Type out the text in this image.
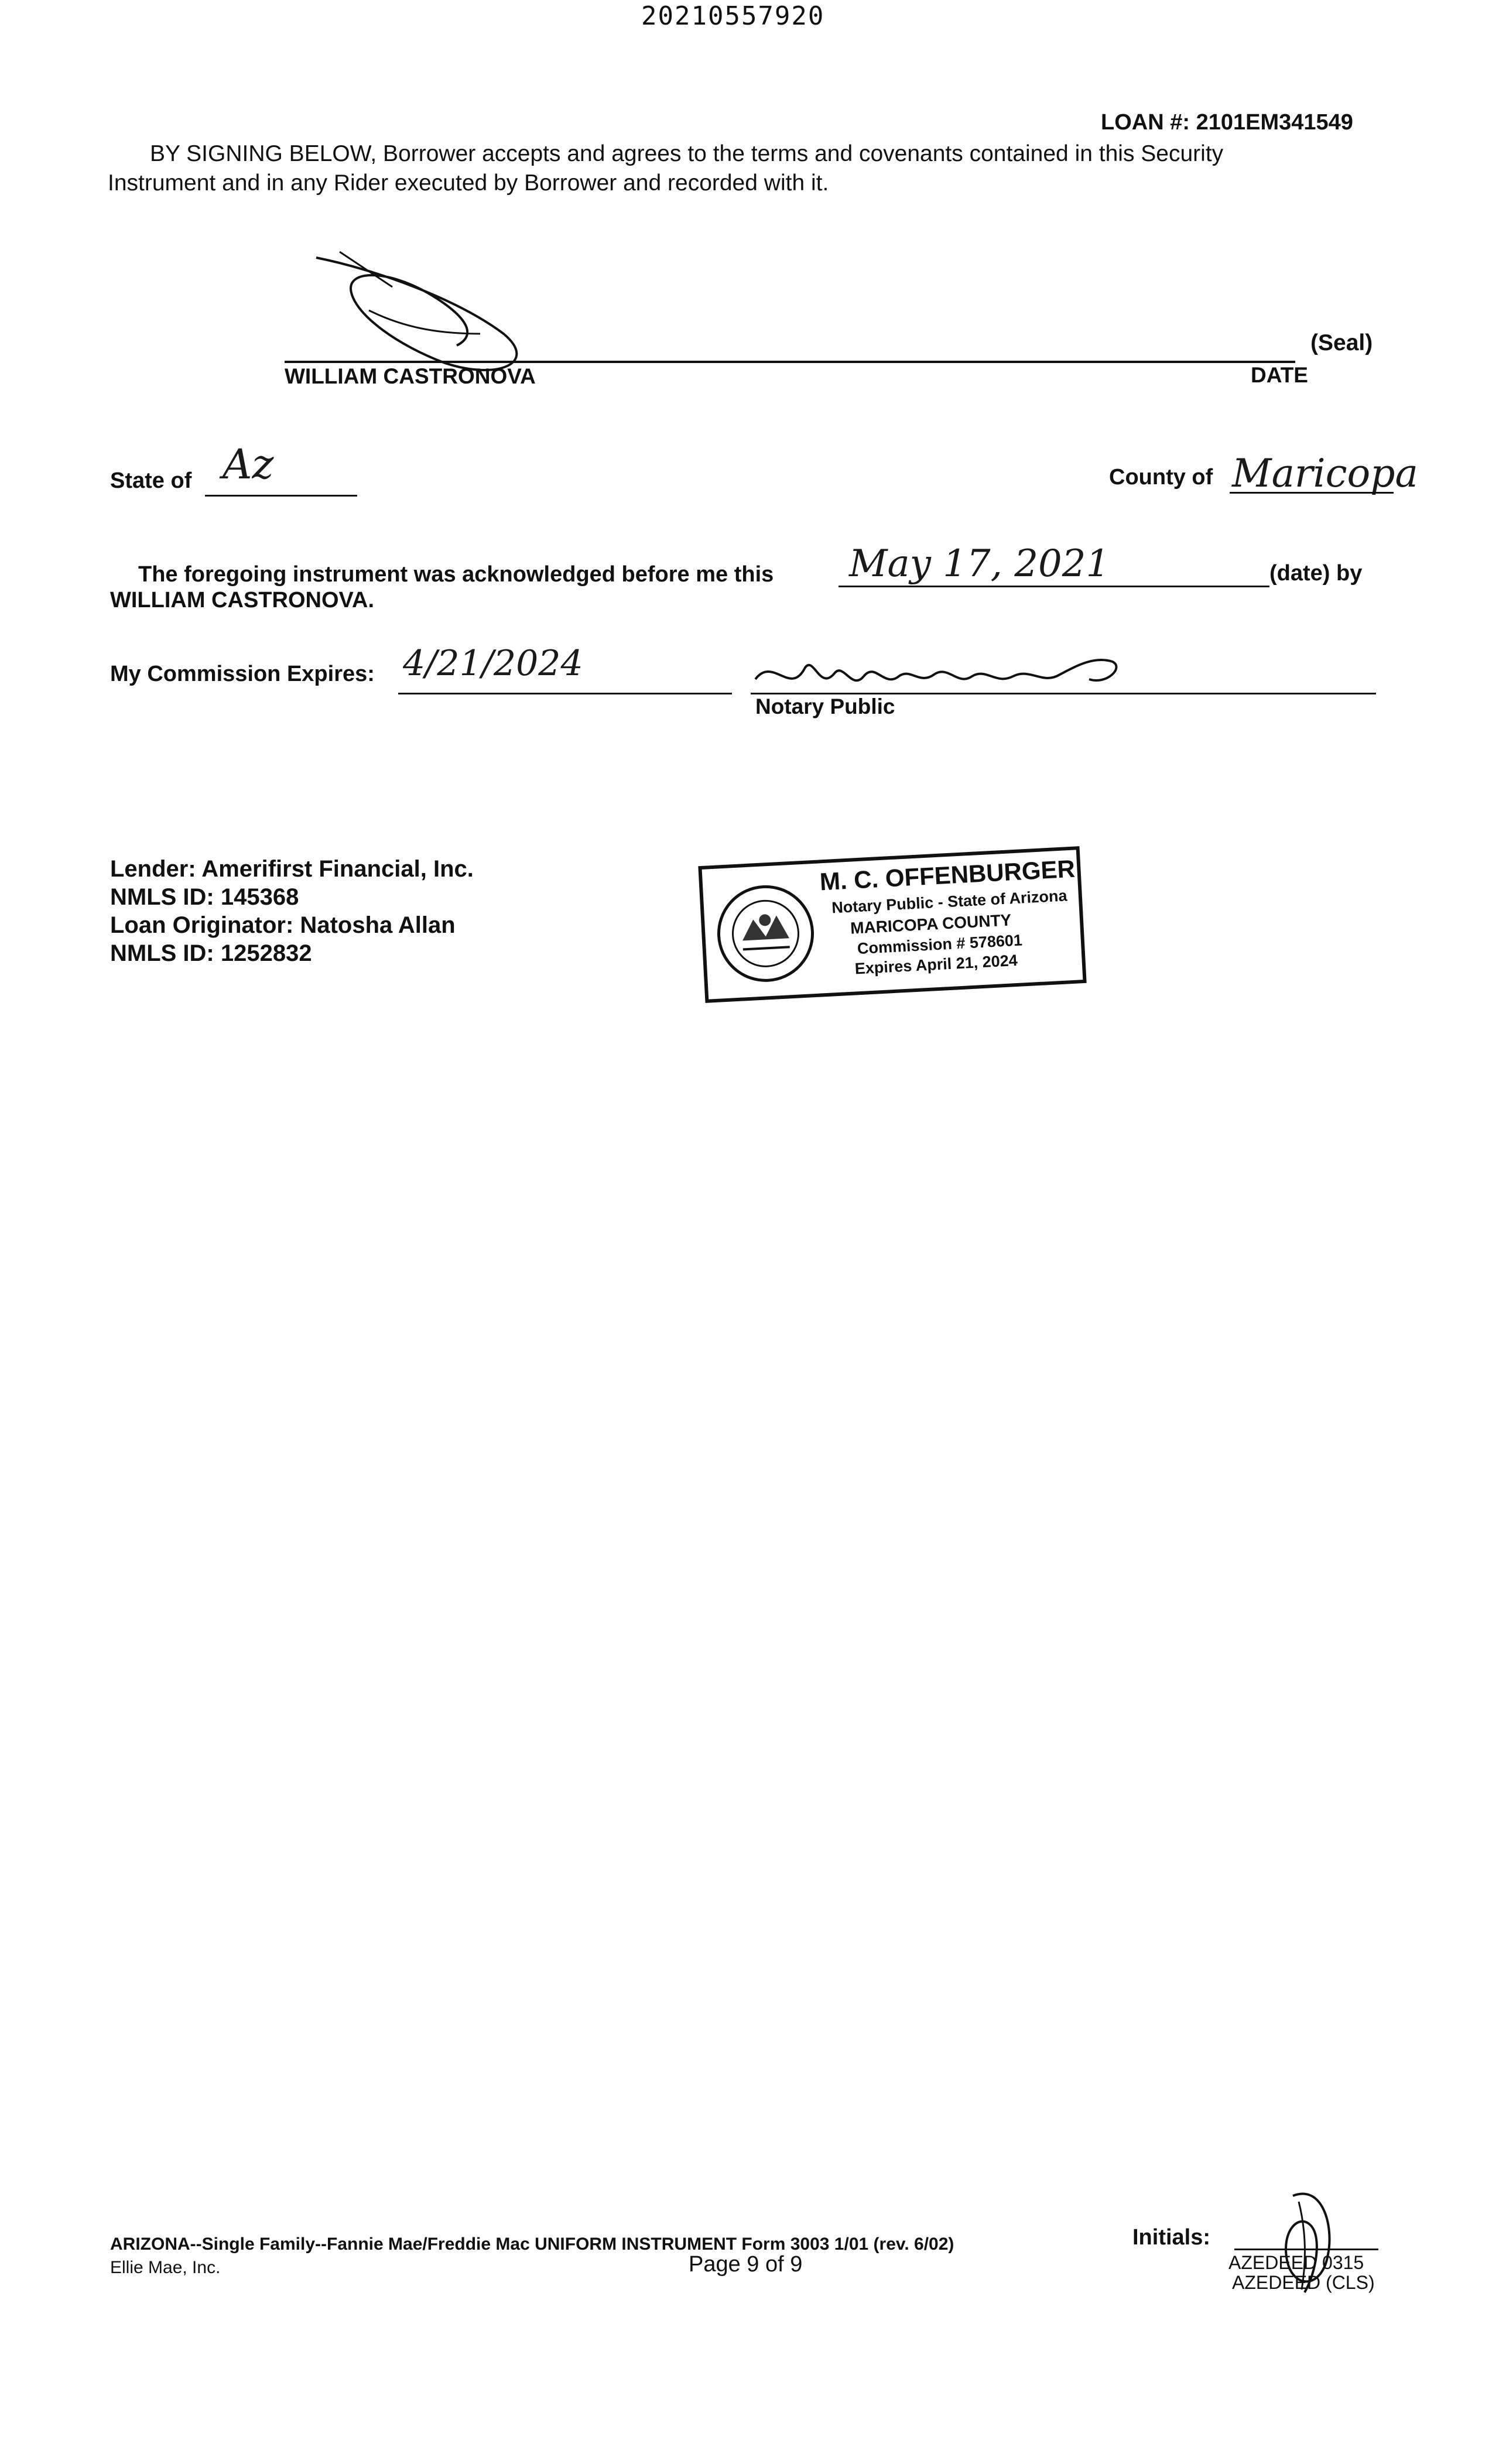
20210557920
LOAN #: 2101EM341549
BY SIGNING BELOW, Borrower accepts and agrees to the terms and covenants contained in this Security
Instrument and in any Rider executed by Borrower and recorded with it.
WILLIAM CASTRONOVA
(Seal)
DATE
State of Az	County of Maricopa
The foregoing instrument was acknowledged before me this May 17, 2021	(date) by
WILLIAM CASTRONOVA.
My Commission Expires: 4/21/2024
Notary Public
Lender: Amerifirst Financial, Inc.
NMLS ID: 145368
Loan Originator: Natosha Allan
NMLS ID: 1252832
M. C. OFFENBURGER
Notary Public - State of Arizona
MARICOPA COUNTY
Commission # 578601
Expires April 21, 2024
ARIZONA--Single Family--Fannie Mae/Freddie Mac UNIFORM INSTRUMENT Form 3003 1/01 (rev. 6/02)
Ellie Mae, Inc.	Page 9 of 9
Initials:
AZEDEED 0315
AZEDEED (CLS)
